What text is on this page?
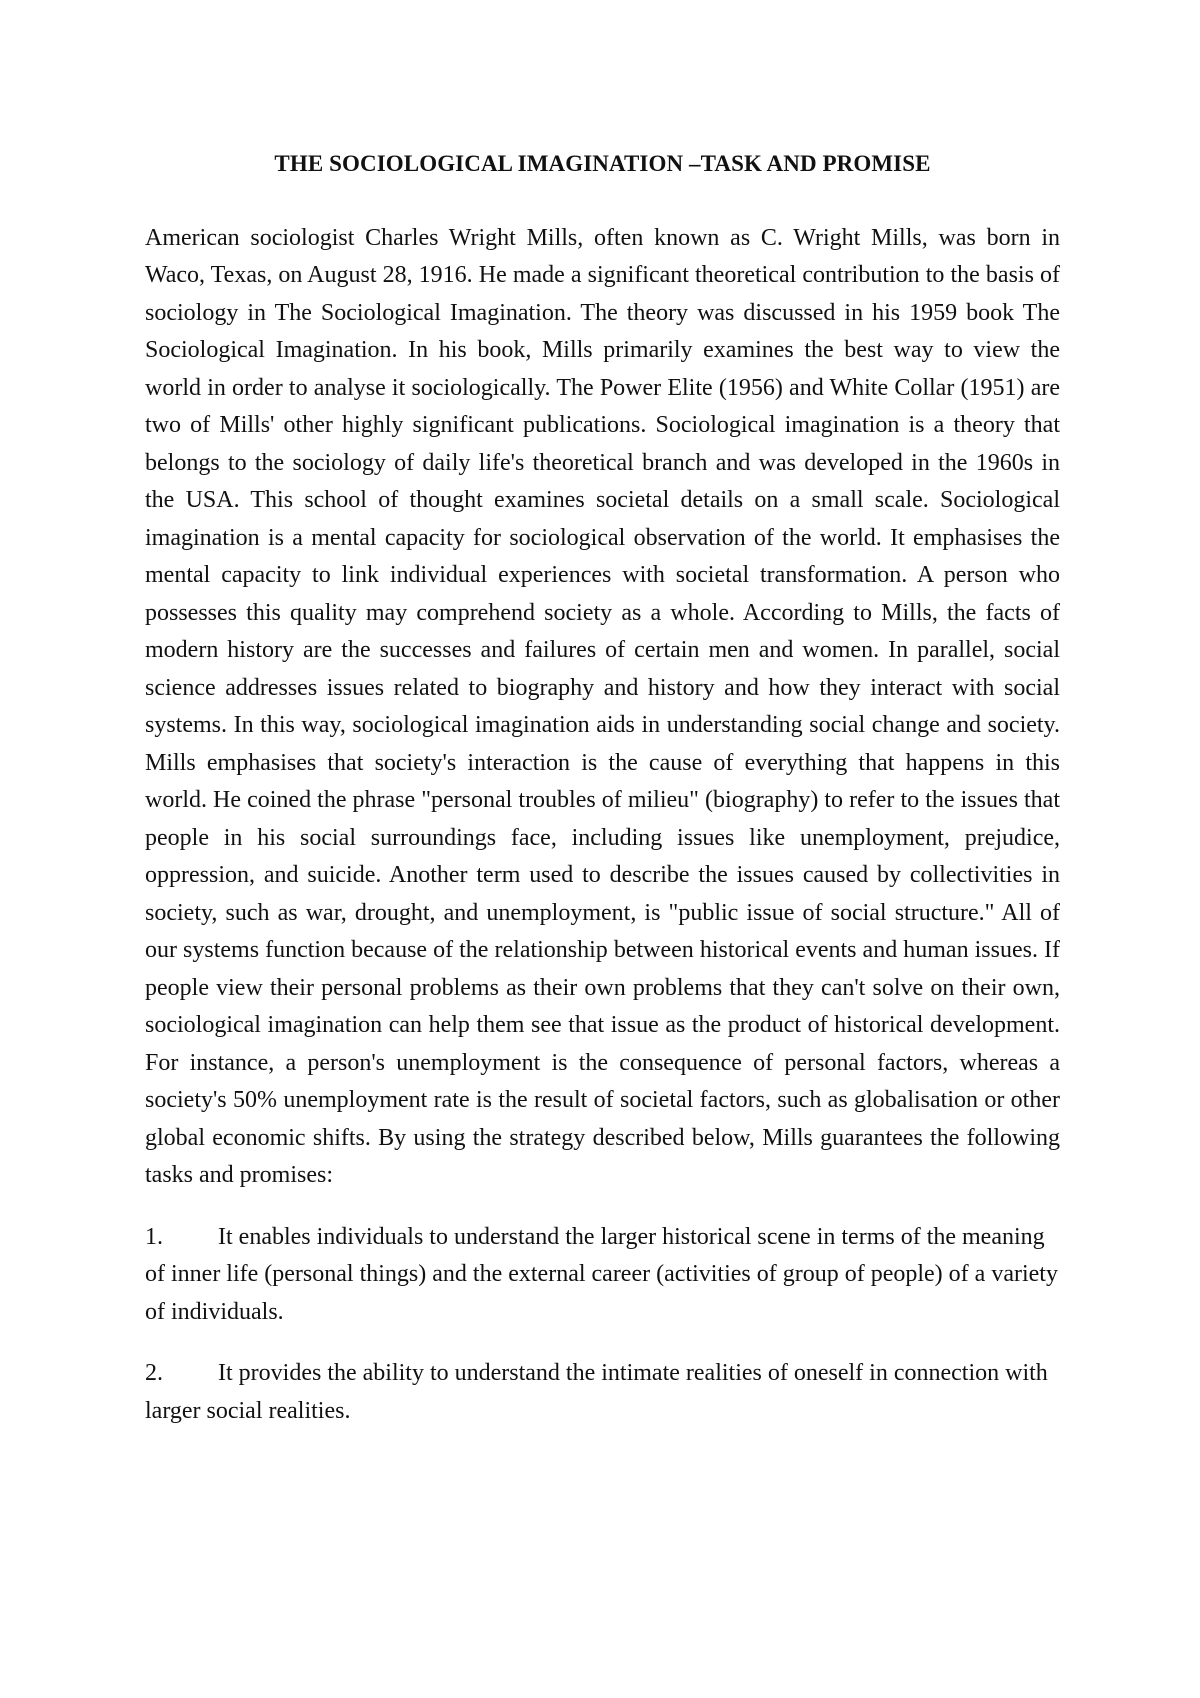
THE SOCIOLOGICAL IMAGINATION –TASK AND PROMISE

American sociologist Charles Wright Mills, often known as C. Wright Mills, was born in Waco, Texas, on August 28, 1916. He made a significant theoretical contribution to the basis of sociology in The Sociological Imagination. The theory was discussed in his 1959 book The Sociological Imagination. In his book, Mills primarily examines the best way to view the world in order to analyse it sociologically. The Power Elite (1956) and White Collar (1951) are two of Mills' other highly significant publications. Sociological imagination is a theory that belongs to the sociology of daily life's theoretical branch and was developed in the 1960s in the USA. This school of thought examines societal details on a small scale. Sociological imagination is a mental capacity for sociological observation of the world. It emphasises the mental capacity to link individual experiences with societal transformation. A person who possesses this quality may comprehend society as a whole. According to Mills, the facts of modern history are the successes and failures of certain men and women. In parallel, social science addresses issues related to biography and history and how they interact with social systems. In this way, sociological imagination aids in understanding social change and society. Mills emphasises that society's interaction is the cause of everything that happens in this world. He coined the phrase "personal troubles of milieu" (biography) to refer to the issues that people in his social surroundings face, including issues like unemployment, prejudice, oppression, and suicide. Another term used to describe the issues caused by collectivities in society, such as war, drought, and unemployment, is "public issue of social structure." All of our systems function because of the relationship between historical events and human issues. If people view their personal problems as their own problems that they can't solve on their own, sociological imagination can help them see that issue as the product of historical development. For instance, a person's unemployment is the consequence of personal factors, whereas a society's 50% unemployment rate is the result of societal factors, such as globalisation or other global economic shifts. By using the strategy described below, Mills guarantees the following tasks and promises:

1. It enables individuals to understand the larger historical scene in terms of the meaning of inner life (personal things) and the external career (activities of group of people) of a variety of individuals.

2. It provides the ability to understand the intimate realities of oneself in connection with larger social realities.
